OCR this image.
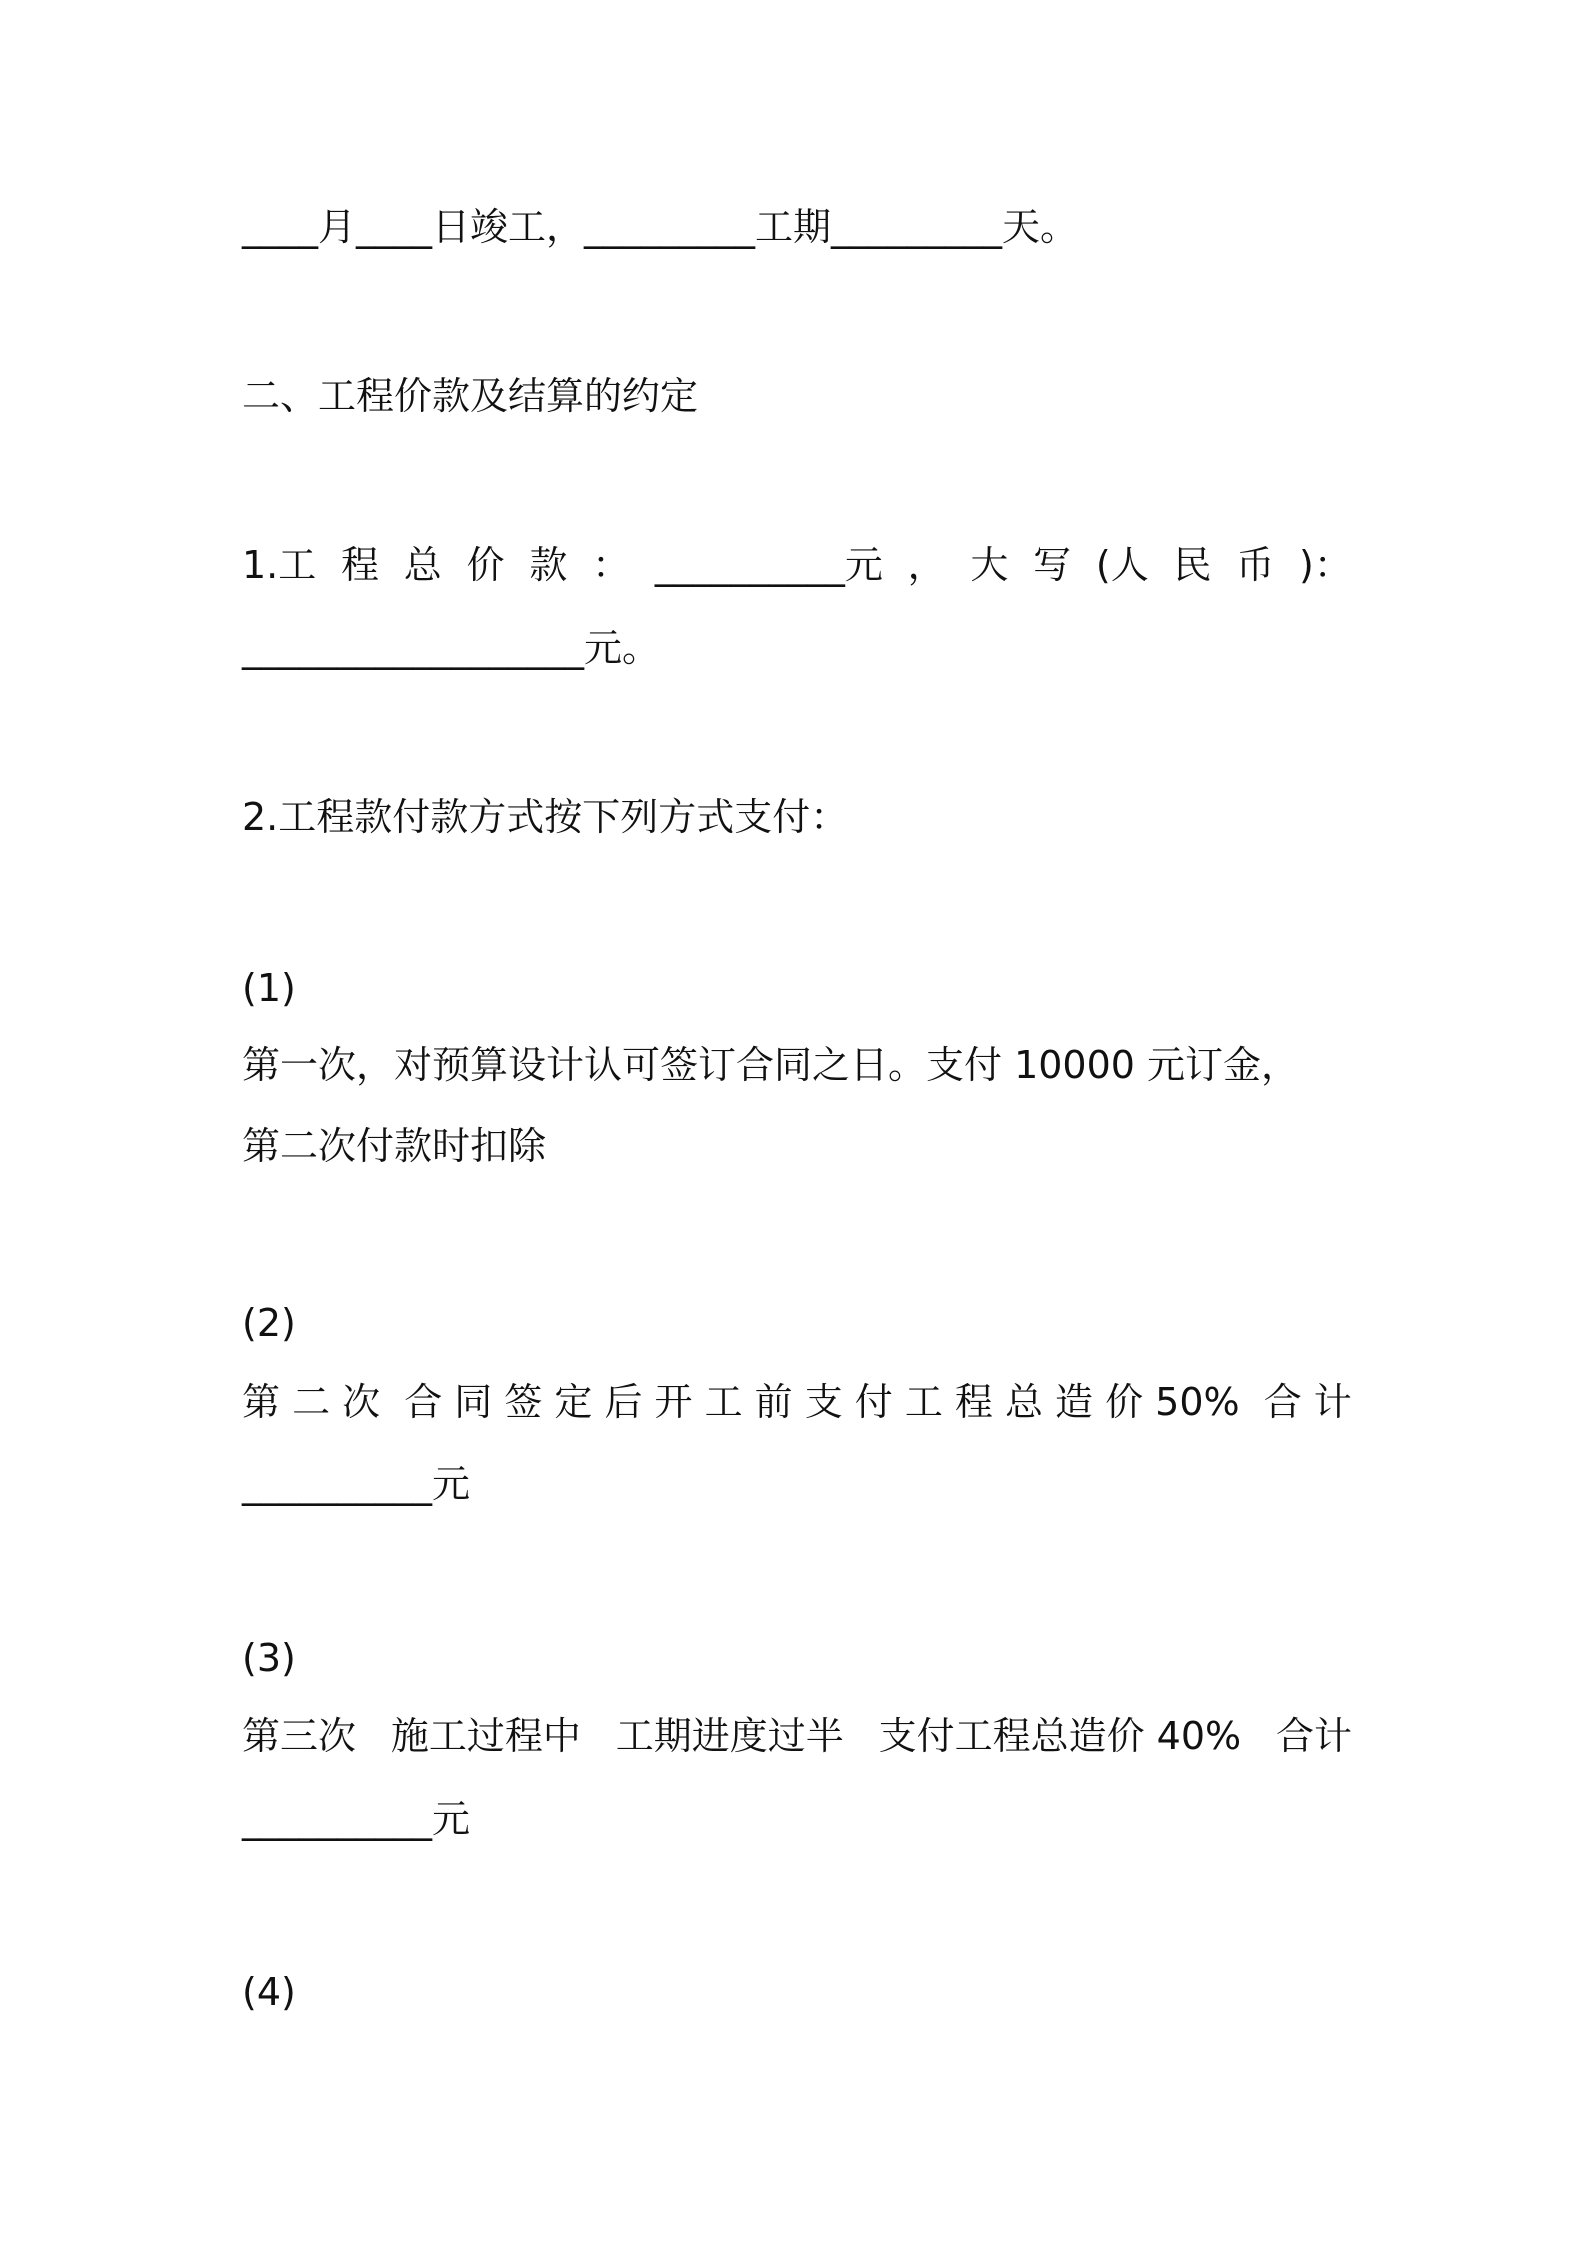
____月____日竣工，_________工期_________天。

二、工程价款及结算的约定

1.工 程 总 价 款 ： __________元 ， 大 写 (人 民 币 )：

__________________元。

2.工程款付款方式按下列方式支付：

(1)

第一次，对预算设计认可签订合同之日。支付 10000 元订金，

第二次付款时扣除

(2)

第 二 次 合 同 签 定 后 开 工 前 支 付 工 程 总 造 价 50% 合 计

__________元

(3)

第三次 施工过程中 工期进度过半 支付工程总造价 40% 合计

__________元

(4)
